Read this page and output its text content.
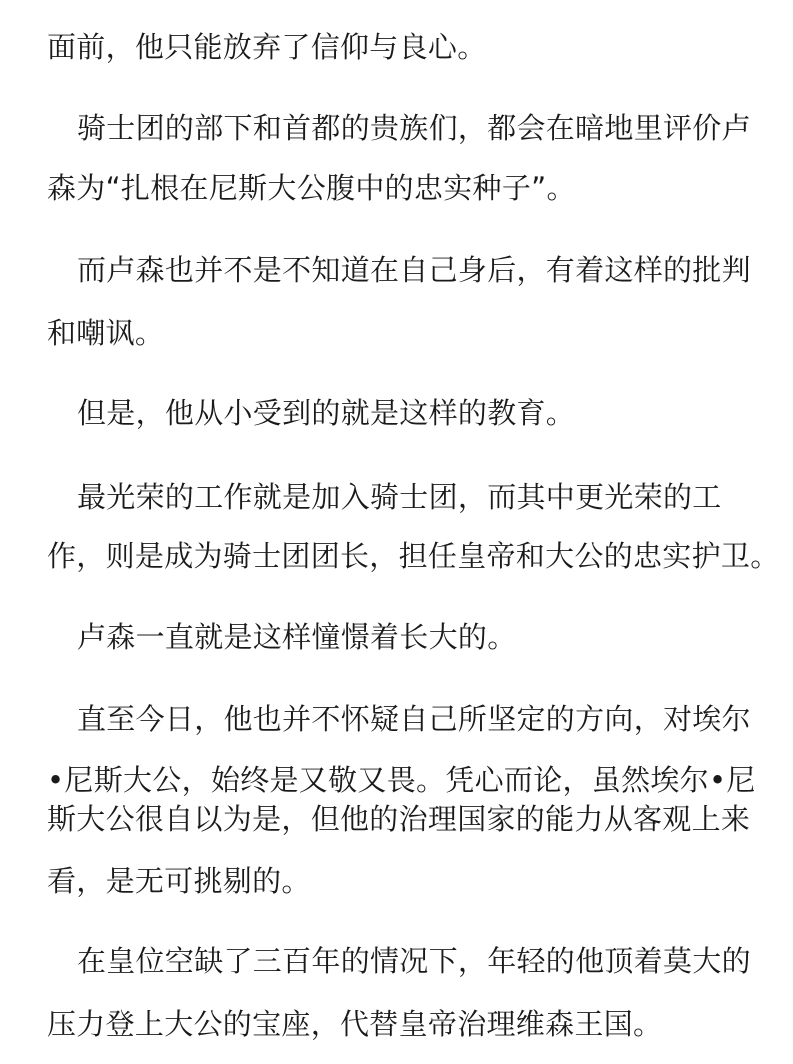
面前，他只能放弃了信仰与良心。
骑士团的部下和首都的贵族们，都会在暗地里评价卢
森为“扎根在尼斯大公腹中的忠实种子”。
而卢森也并不是不知道在自己身后，有着这样的批判
和嘲讽。
但是，他从小受到的就是这样的教育。
最光荣的工作就是加入骑士团，而其中更光荣的工
作，则是成为骑士团团长，担任皇帝和大公的忠实护卫。
卢森一直就是这样憧憬着长大的。
直至今日，他也并不怀疑自己所坚定的方向，对埃尔
•尼斯大公，始终是又敬又畏。凭心而论，虽然埃尔•尼
斯大公很自以为是，但他的治理国家的能力从客观上来
看，是无可挑剔的。
在皇位空缺了三百年的情况下，年轻的他顶着莫大的
压力登上大公的宝座，代替皇帝治理维森王国。
